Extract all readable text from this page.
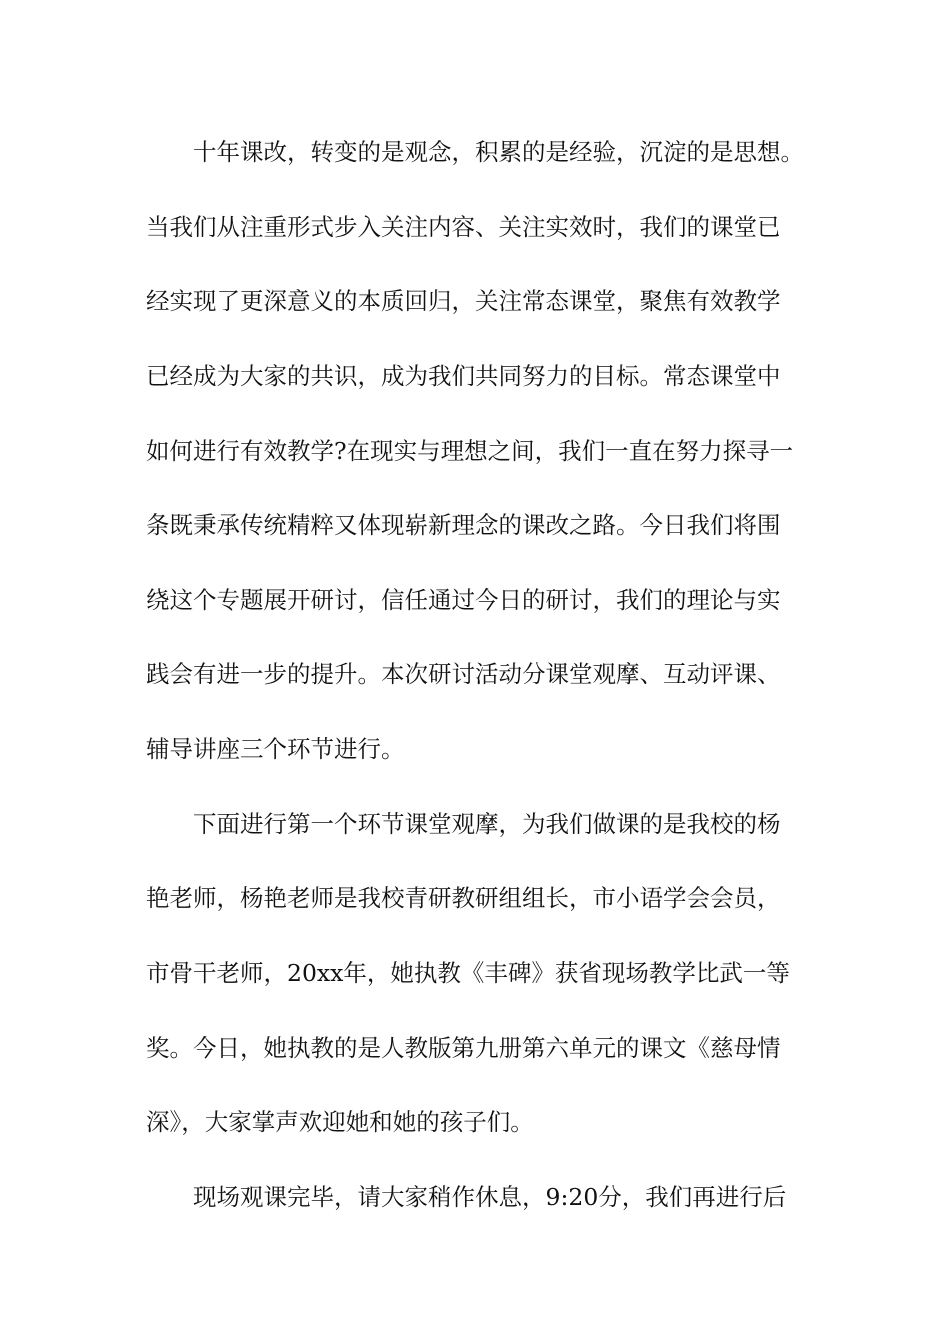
十年课改，转变的是观念，积累的是经验，沉淀的是思想。
当我们从注重形式步入关注内容、关注实效时，我们的课堂已
经实现了更深意义的本质回归，关注常态课堂，聚焦有效教学
已经成为大家的共识，成为我们共同努力的目标。常态课堂中
如何进行有效教学?在现实与理想之间，我们一直在努力探寻一
条既秉承传统精粹又体现崭新理念的课改之路。今日我们将围
绕这个专题展开研讨，信任通过今日的研讨，我们的理论与实
践会有进一步的提升。本次研讨活动分课堂观摩、互动评课、
辅导讲座三个环节进行。
下面进行第一个环节课堂观摩，为我们做课的是我校的杨
艳老师，杨艳老师是我校青研教研组组长，市小语学会会员，
市骨干老师，20xx年，她执教《丰碑》获省现场教学比武一等
奖。今日，她执教的是人教版第九册第六单元的课文《慈母情
深》，大家掌声欢迎她和她的孩子们。
现场观课完毕，请大家稍作休息，9:20分，我们再进行后
